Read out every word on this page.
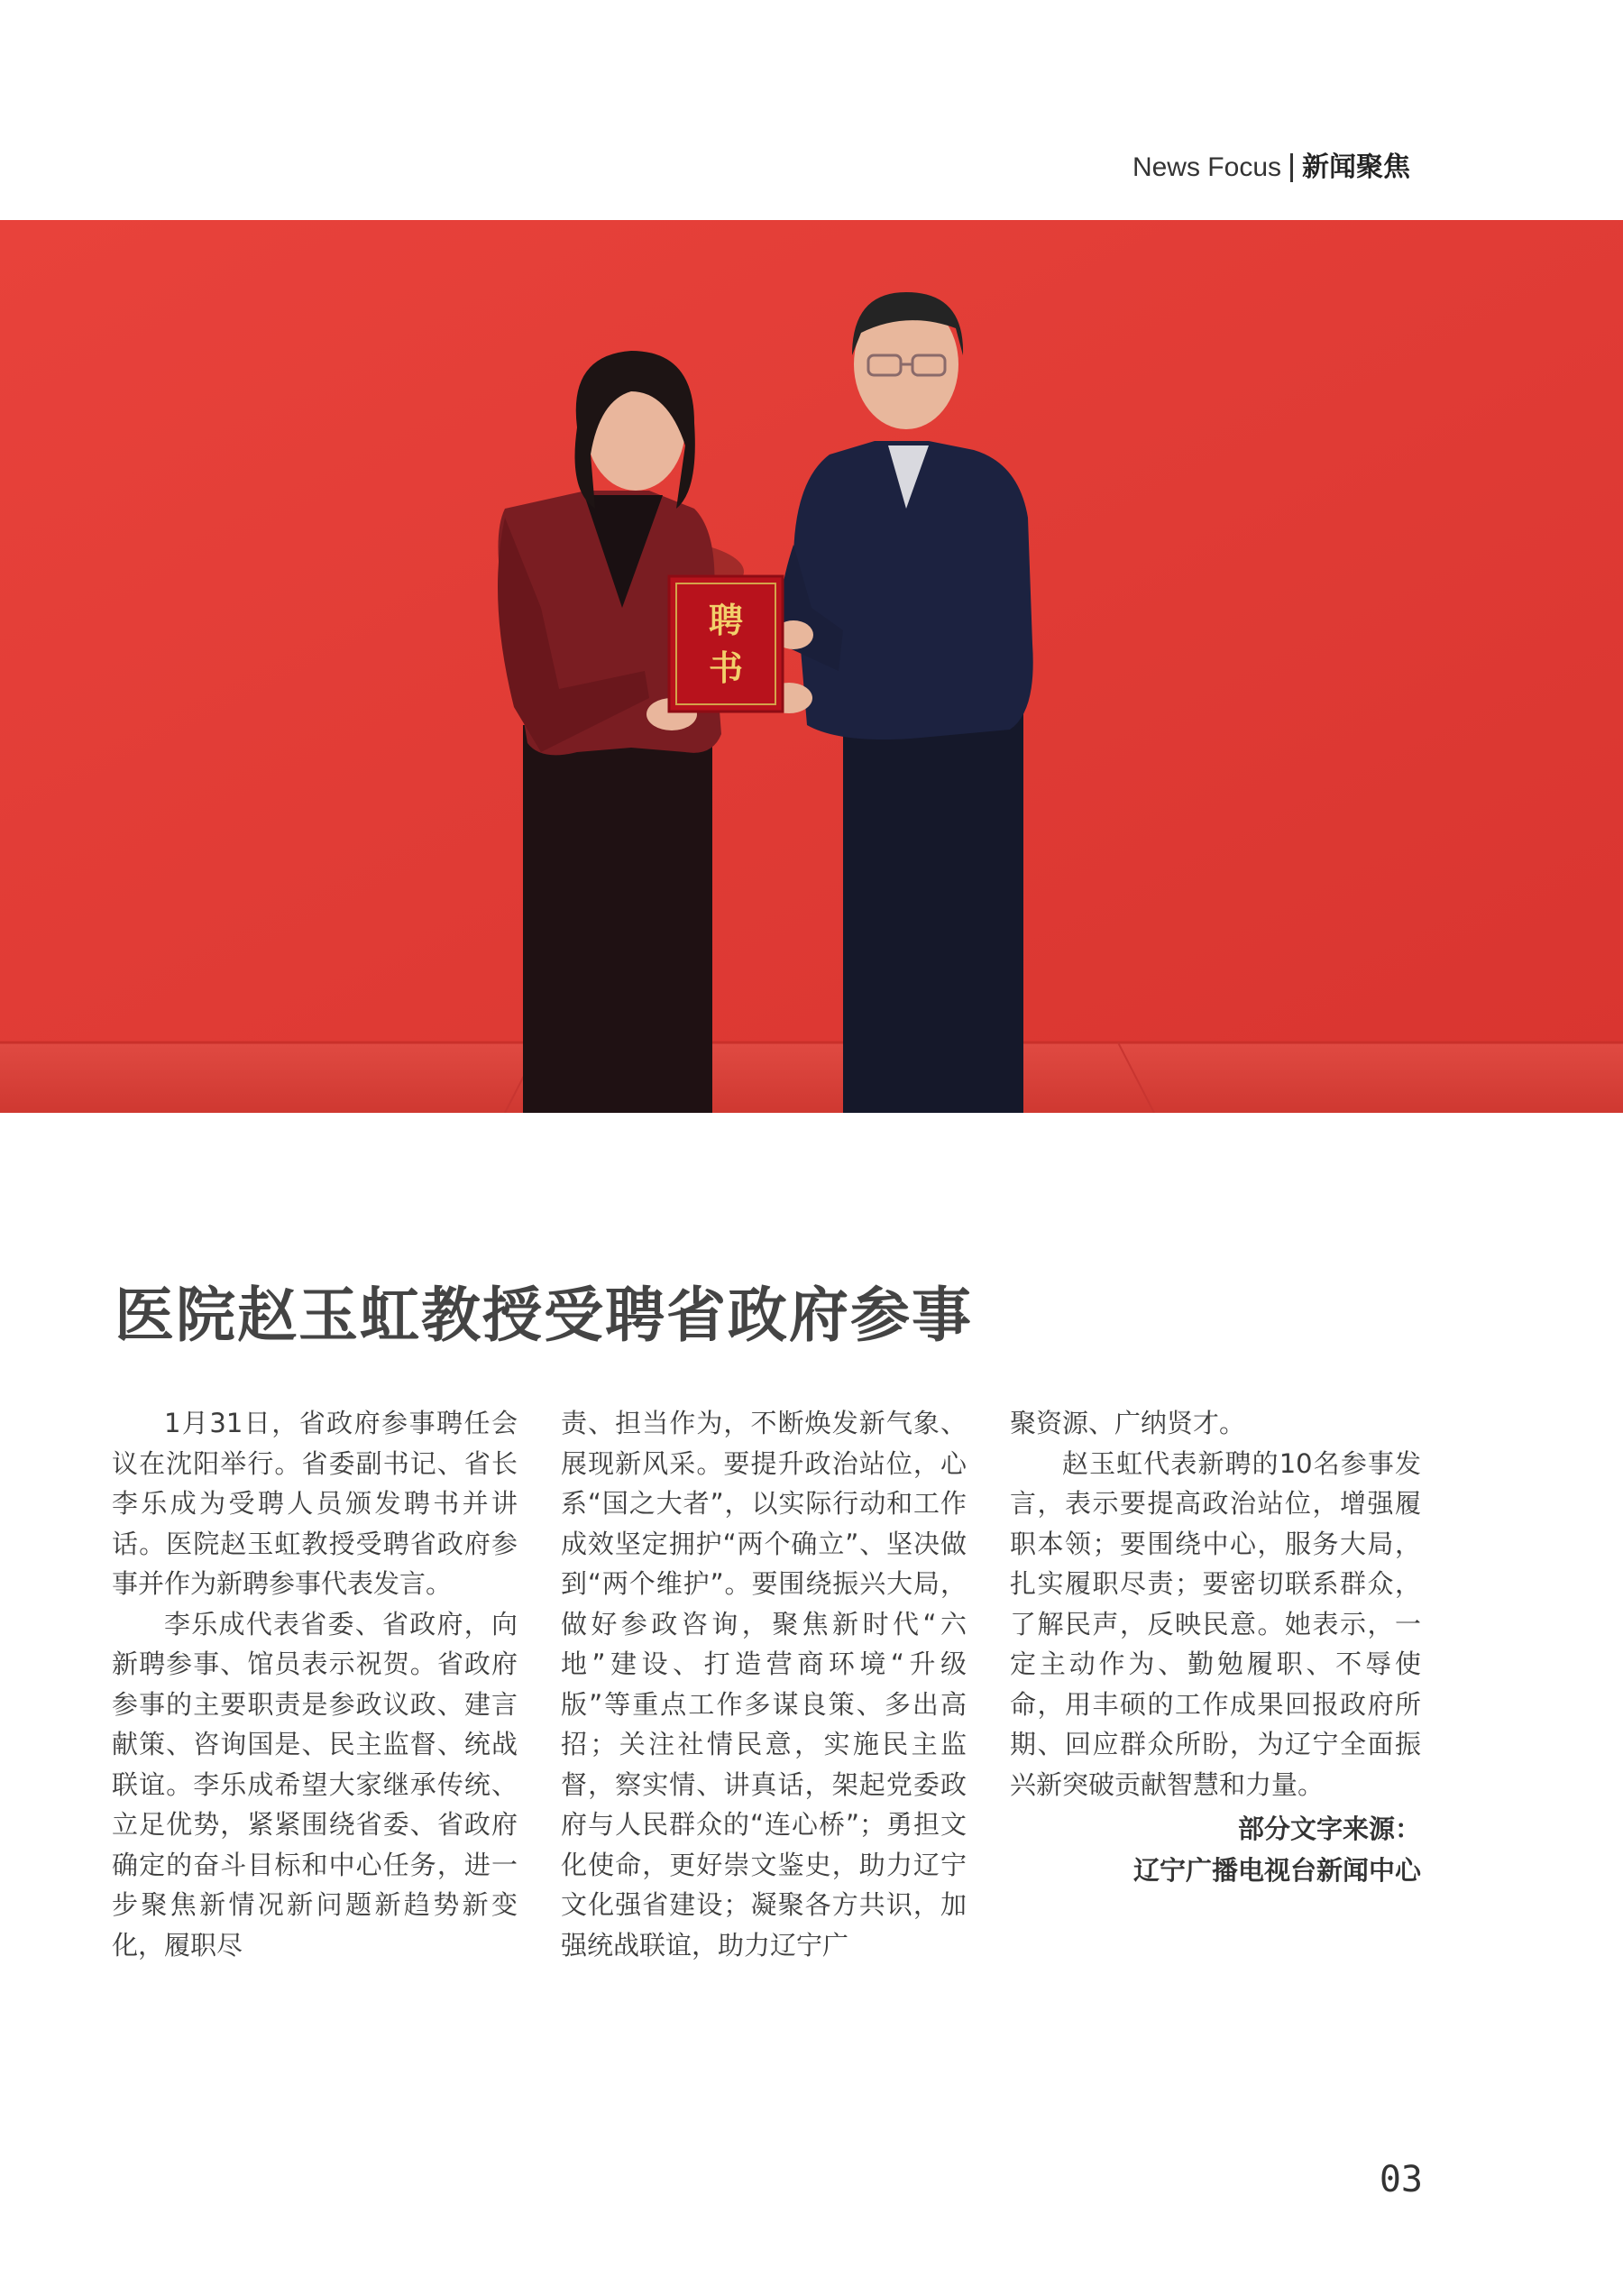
News Focus 新闻聚焦
聘
书
医院赵玉虹教授受聘省政府参事

1月31日，省政府参事聘任会议在沈阳举行。省委副书记、省长李乐成为受聘人员颁发聘书并讲话。医院赵玉虹教授受聘省政府参事并作为新聘参事代表发言。

李乐成代表省委、省政府，向新聘参事、馆员表示祝贺。省政府参事的主要职责是参政议政、建言献策、咨询国是、民主监督、统战联谊。李乐成希望大家继承传统、立足优势，紧紧围绕省委、省政府确定的奋斗目标和中心任务，进一步聚焦新情况新问题新趋势新变化，履职尽

责、担当作为，不断焕发新气象、展现新风采。要提升政治站位，心系“国之大者”，以实际行动和工作成效坚定拥护“两个确立”、坚决做到“两个维护”。要围绕振兴大局，做好参政咨询，聚焦新时代“六地”建设、打造营商环境“升级版”等重点工作多谋良策、多出高招；关注社情民意，实施民主监督，察实情、讲真话，架起党委政府与人民群众的“连心桥”；勇担文化使命，更好崇文鉴史，助力辽宁文化强省建设；凝聚各方共识，加强统战联谊，助力辽宁广

聚资源、广纳贤才。

赵玉虹代表新聘的10名参事发言，表示要提高政治站位，增强履职本领；要围绕中心，服务大局，扎实履职尽责；要密切联系群众，了解民声，反映民意。她表示，一定主动作为、勤勉履职、不辱使命，用丰硕的工作成果回报政府所期、回应群众所盼，为辽宁全面振兴新突破贡献智慧和力量。

部分文字来源：
辽宁广播电视台新闻中心
03
